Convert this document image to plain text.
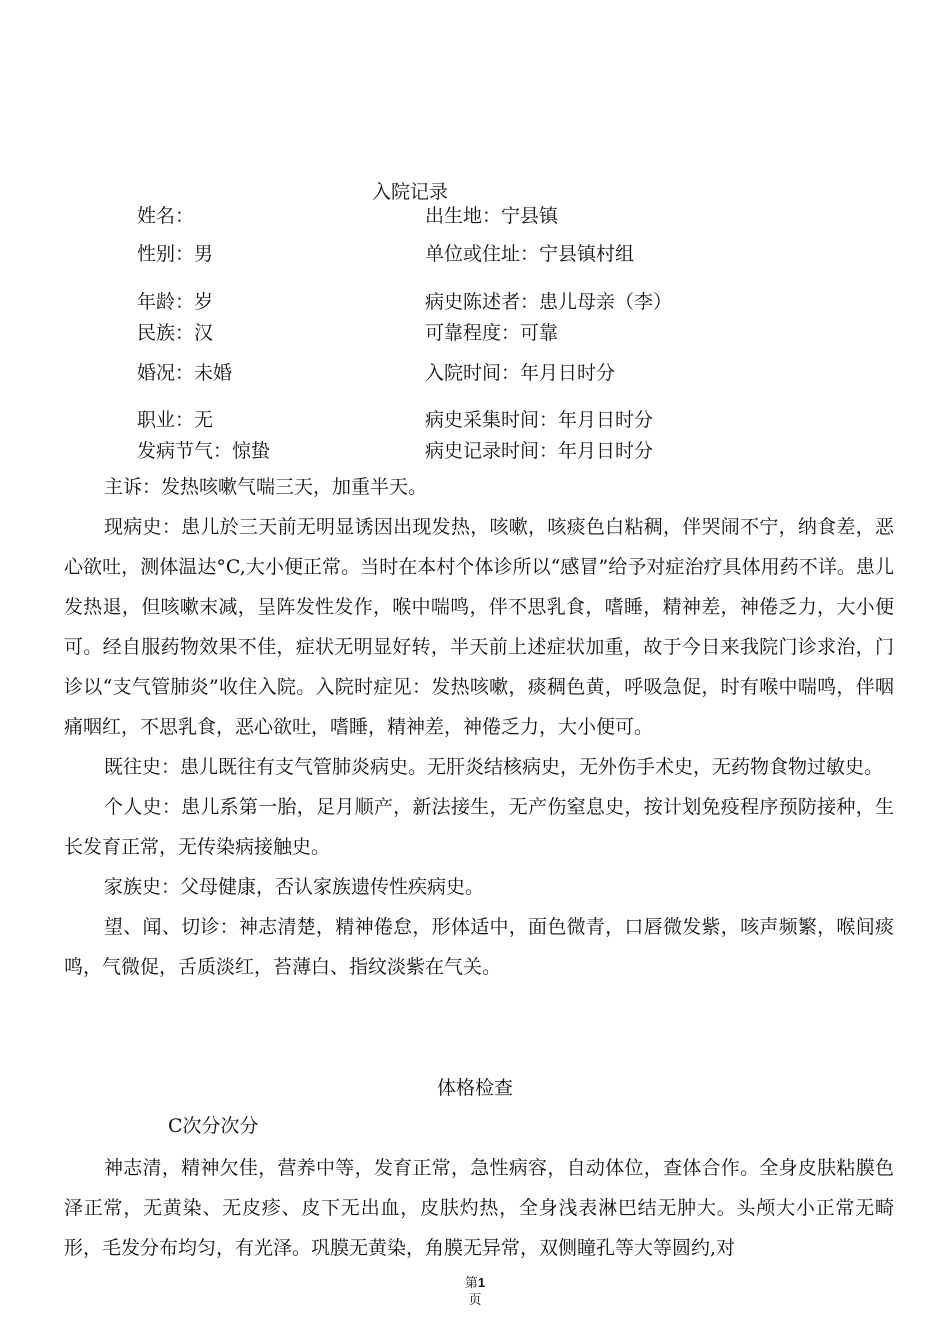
入院记录
姓名：	出生地：宁县镇
性别：男	单位或住址：宁县镇村组
年龄：岁	病史陈述者：患儿母亲（李）
民族：汉	可靠程度：可靠
婚况：未婚	入院时间：年月日时分
职业：无	病史采集时间：年月日时分
发病节气：惊蛰	病史记录时间：年月日时分
主诉：发热咳嗽气喘三天，加重半天。

现病史：患儿於三天前无明显诱因出现发热，咳嗽，咳痰色白粘稠，伴哭闹不宁，纳食差，恶心欲吐，测体温达°C,大小便正常。当时在本村个体诊所以“感冒”给予对症治疗具体用药不详。患儿发热退，但咳嗽末减，呈阵发性发作，喉中喘鸣，伴不思乳食，嗜睡，精神差，神倦乏力，大小便可。经自服药物效果不佳，症状无明显好转，半天前上述症状加重，故于今日来我院门诊求治，门诊以“支气管肺炎”收住入院。入院时症见：发热咳嗽，痰稠色黄，呼吸急促，时有喉中喘鸣，伴咽痛咽红，不思乳食，恶心欲吐，嗜睡，精神差，神倦乏力，大小便可。

既往史：患儿既往有支气管肺炎病史。无肝炎结核病史，无外伤手术史，无药物食物过敏史。

个人史：患儿系第一胎，足月顺产，新法接生，无产伤窒息史，按计划免疫程序预防接种，生长发育正常，无传染病接触史。

家族史：父母健康，否认家族遗传性疾病史。

望、闻、切诊：神志清楚，精神倦怠，形体适中，面色微青，口唇微发紫，咳声频繁，喉间痰鸣，气微促，舌质淡红，苔薄白、指纹淡紫在气关。

体格检查
C次分次分

神志清，精神欠佳，营养中等，发育正常，急性病容，自动体位，查体合作。全身皮肤粘膜色泽正常，无黄染、无皮疹、皮下无出血，皮肤灼热，全身浅表淋巴结无肿大。头颅大小正常无畸形，毛发分布均匀，有光泽。巩膜无黄染，角膜无异常，双侧瞳孔等大等圆约,对

第1
页
